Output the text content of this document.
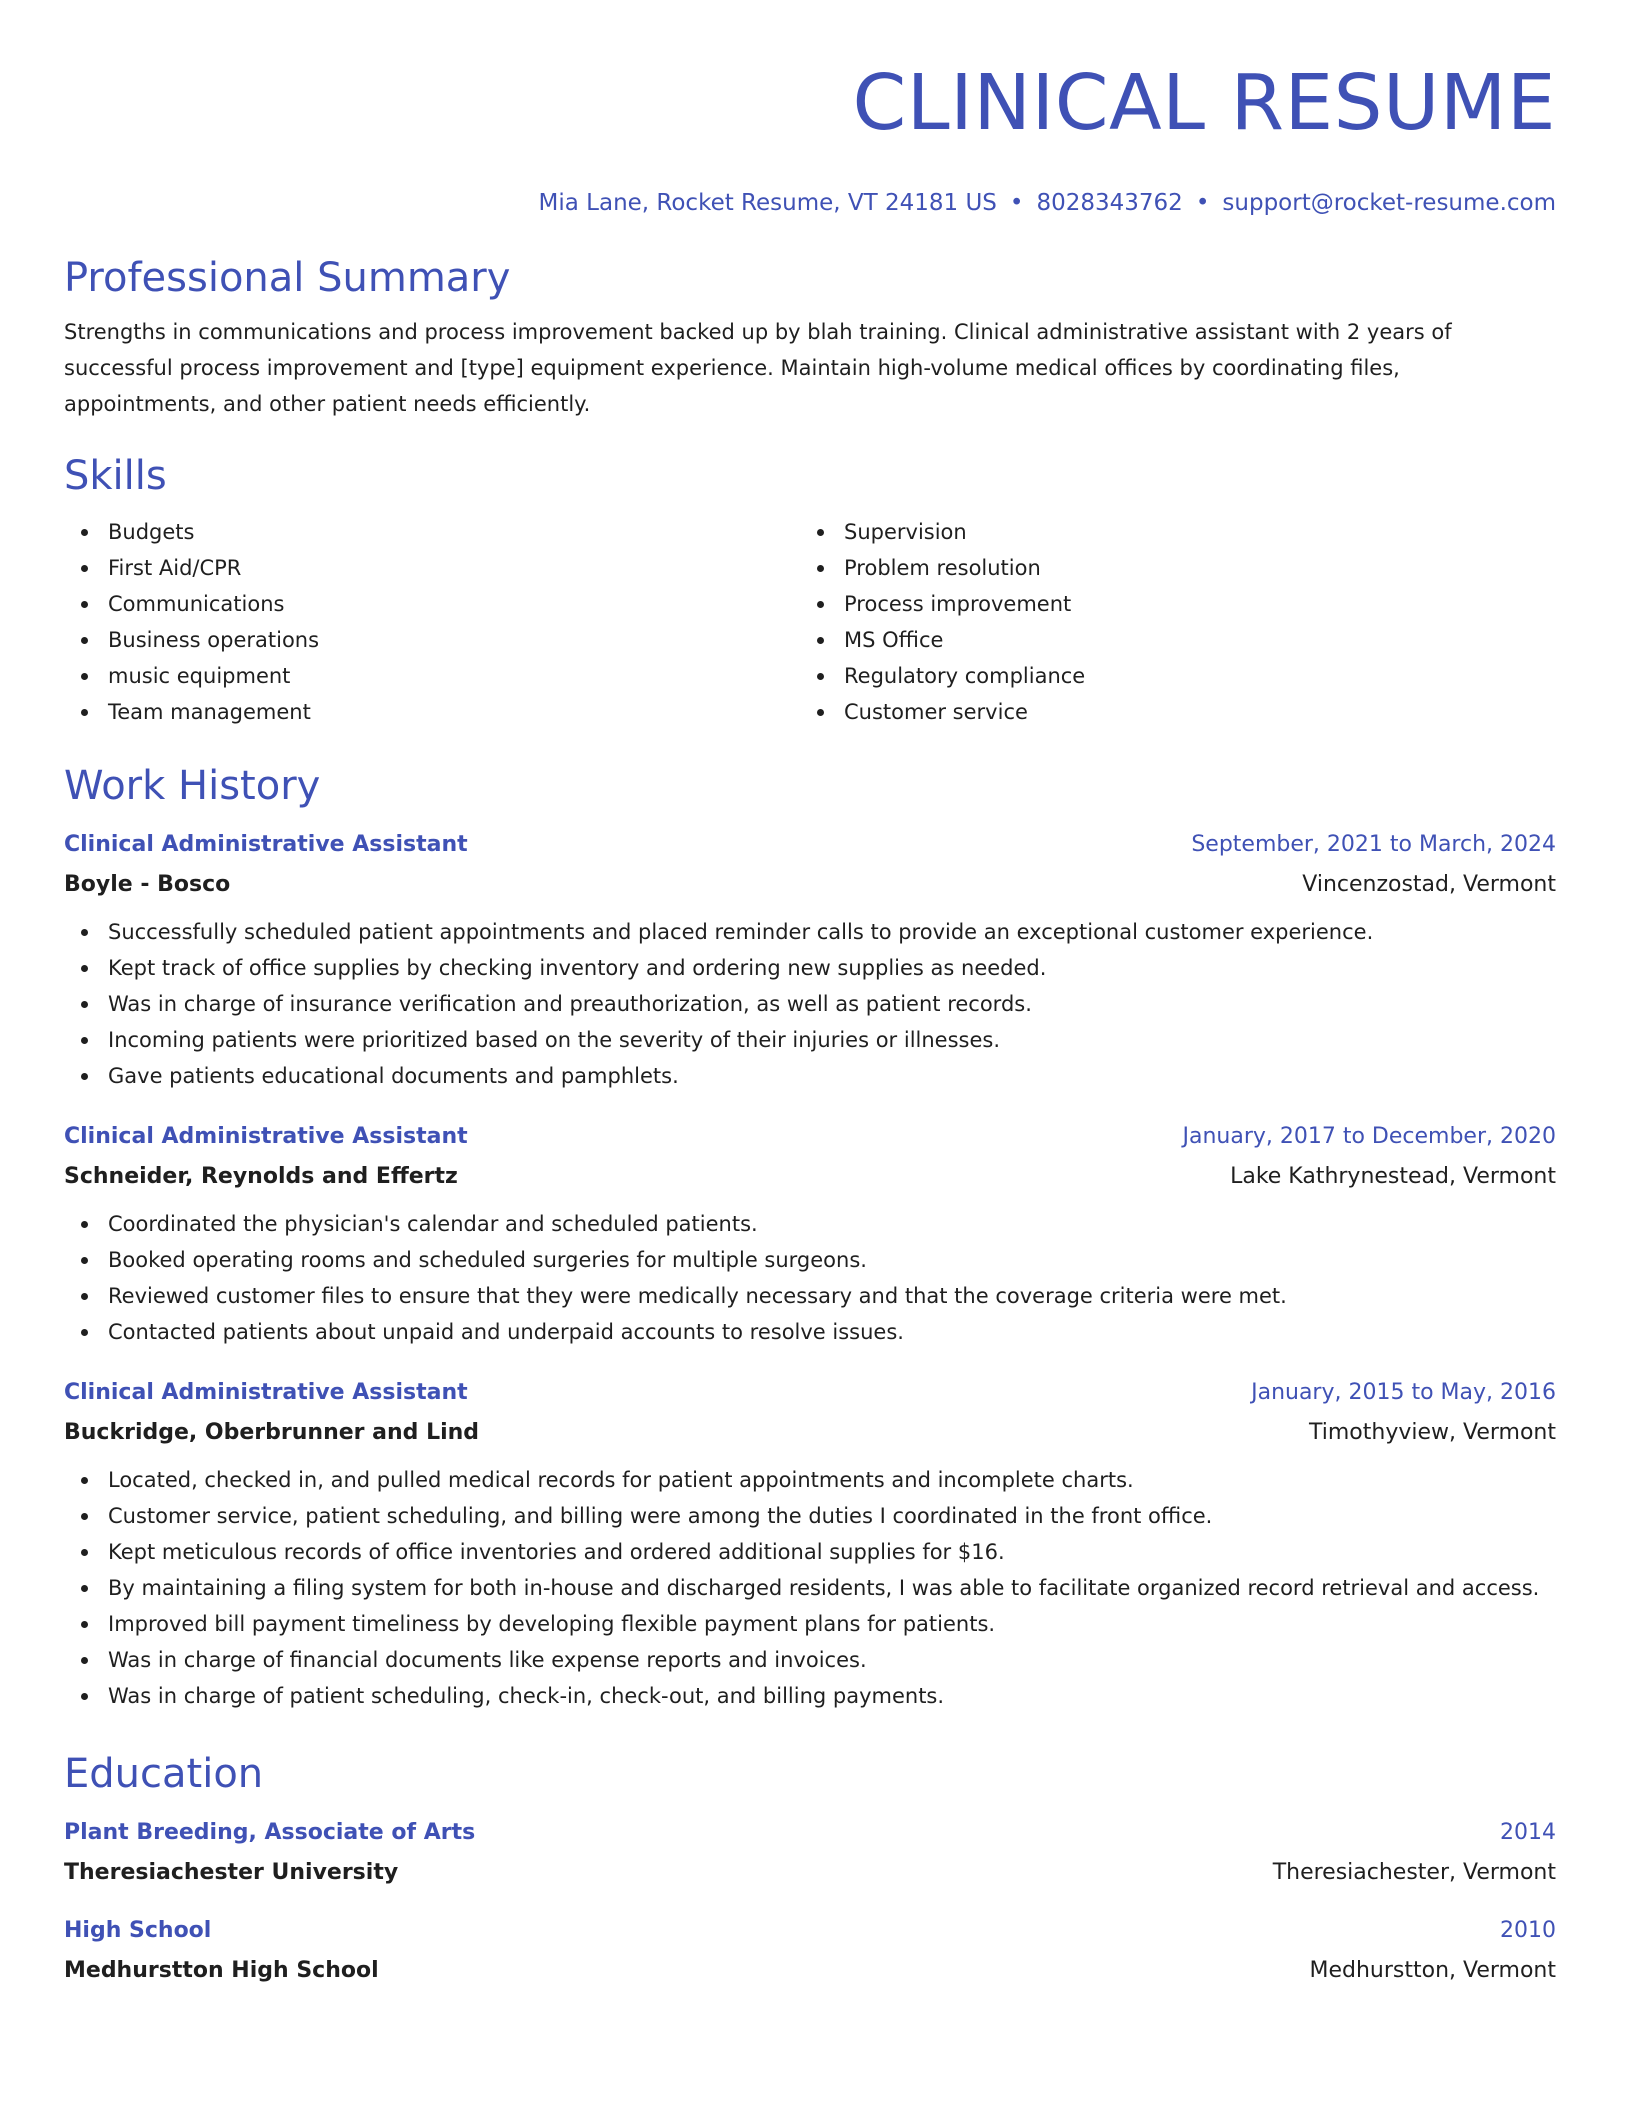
CLINICAL RESUME
Mia Lane, Rocket Resume, VT 24181 US • 8028343762 • support@rocket-resume.com
Professional Summary

Strengths in communications and process improvement backed up by blah training. Clinical administrative assistant with 2 years of successful process improvement and [type] equipment experience. Maintain high-volume medical offices by coordinating files, appointments, and other patient needs efficiently.

Skills
Budgets
First Aid/CPR
Communications
Business operations
music equipment
Team management
Supervision
Problem resolution
Process improvement
MS Office
Regulatory compliance
Customer service
Work History
Clinical Administrative Assistant	September, 2021 to March, 2024
Boyle - Bosco	Vincenzostad, Vermont
Successfully scheduled patient appointments and placed reminder calls to provide an exceptional customer experience.
Kept track of office supplies by checking inventory and ordering new supplies as needed.
Was in charge of insurance verification and preauthorization, as well as patient records.
Incoming patients were prioritized based on the severity of their injuries or illnesses.
Gave patients educational documents and pamphlets.
Clinical Administrative Assistant	January, 2017 to December, 2020
Schneider, Reynolds and Effertz	Lake Kathrynestead, Vermont
Coordinated the physician's calendar and scheduled patients.
Booked operating rooms and scheduled surgeries for multiple surgeons.
Reviewed customer files to ensure that they were medically necessary and that the coverage criteria were met.
Contacted patients about unpaid and underpaid accounts to resolve issues.
Clinical Administrative Assistant	January, 2015 to May, 2016
Buckridge, Oberbrunner and Lind	Timothyview, Vermont
Located, checked in, and pulled medical records for patient appointments and incomplete charts.
Customer service, patient scheduling, and billing were among the duties I coordinated in the front office.
Kept meticulous records of office inventories and ordered additional supplies for $16.
By maintaining a filing system for both in-house and discharged residents, I was able to facilitate organized record retrieval and access.
Improved bill payment timeliness by developing flexible payment plans for patients.
Was in charge of financial documents like expense reports and invoices.
Was in charge of patient scheduling, check-in, check-out, and billing payments.
Education
Plant Breeding, Associate of Arts	2014
Theresiachester University	Theresiachester, Vermont
High School	2010
Medhurstton High School	Medhurstton, Vermont
